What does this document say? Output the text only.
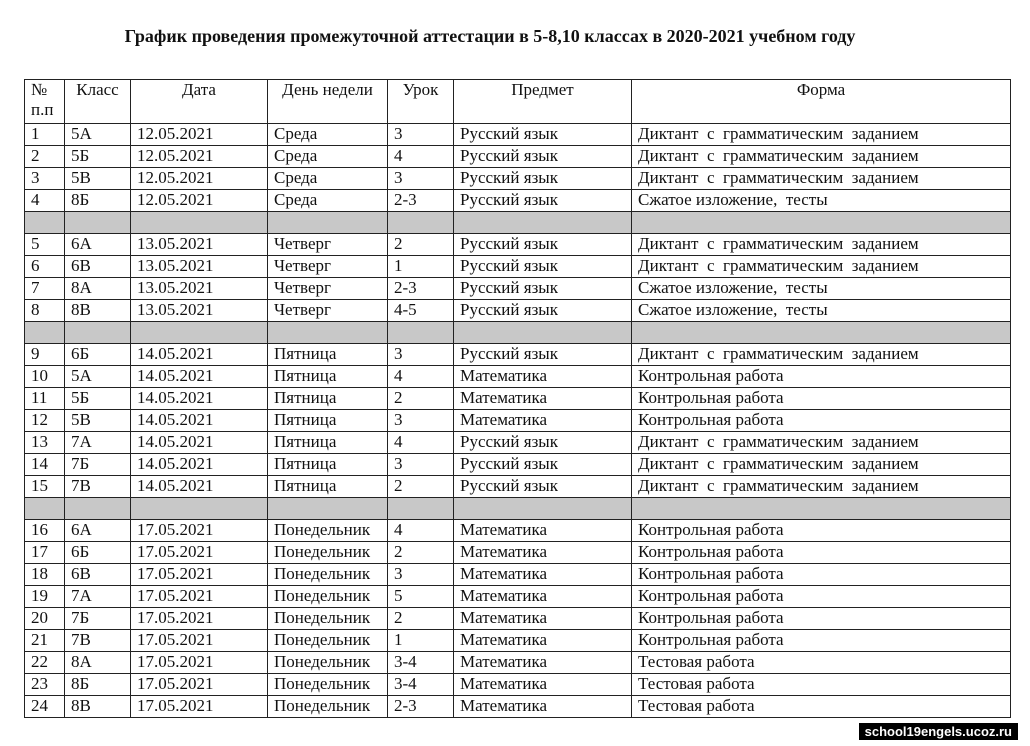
График проведения промежуточной аттестации в 5-8,10 классах в 2020-2021 учебном году
№ п.п	Класс	Дата	День недели	Урок	Предмет	Форма
1	5А	12.05.2021	Среда	3	Русский язык	Диктант  с  грамматическим  заданием
2	5Б	12.05.2021	Среда	4	Русский язык	Диктант  с  грамматическим  заданием
3	5В	12.05.2021	Среда	3	Русский язык	Диктант  с  грамматическим  заданием
4	8Б	12.05.2021	Среда	2-3	Русский язык	Сжатое изложение,  тесты

5	6А	13.05.2021	Четверг	2	Русский язык	Диктант  с  грамматическим  заданием
6	6В	13.05.2021	Четверг	1	Русский язык	Диктант  с  грамматическим  заданием
7	8А	13.05.2021	Четверг	2-3	Русский язык	Сжатое изложение,  тесты
8	8В	13.05.2021	Четверг	4-5	Русский язык	Сжатое изложение,  тесты

9	6Б	14.05.2021	Пятница	3	Русский язык	Диктант  с  грамматическим  заданием
10	5А	14.05.2021	Пятница	4	Математика	Контрольная работа
11	5Б	14.05.2021	Пятница	2	Математика	Контрольная работа
12	5В	14.05.2021	Пятница	3	Математика	Контрольная работа
13	7А	14.05.2021	Пятница	4	Русский язык	Диктант  с  грамматическим  заданием
14	7Б	14.05.2021	Пятница	3	Русский язык	Диктант  с  грамматическим  заданием
15	7В	14.05.2021	Пятница	2	Русский язык	Диктант  с  грамматическим  заданием

16	6А	17.05.2021	Понедельник	4	Математика	Контрольная работа
17	6Б	17.05.2021	Понедельник	2	Математика	Контрольная работа
18	6В	17.05.2021	Понедельник	3	Математика	Контрольная работа
19	7А	17.05.2021	Понедельник	5	Математика	Контрольная работа
20	7Б	17.05.2021	Понедельник	2	Математика	Контрольная работа
21	7В	17.05.2021	Понедельник	1	Математика	Контрольная работа
22	8А	17.05.2021	Понедельник	3-4	Математика	Тестовая работа
23	8Б	17.05.2021	Понедельник	3-4	Математика	Тестовая работа
24	8В	17.05.2021	Понедельник	2-3	Математика	Тестовая работа
school19engels.ucoz.ru
